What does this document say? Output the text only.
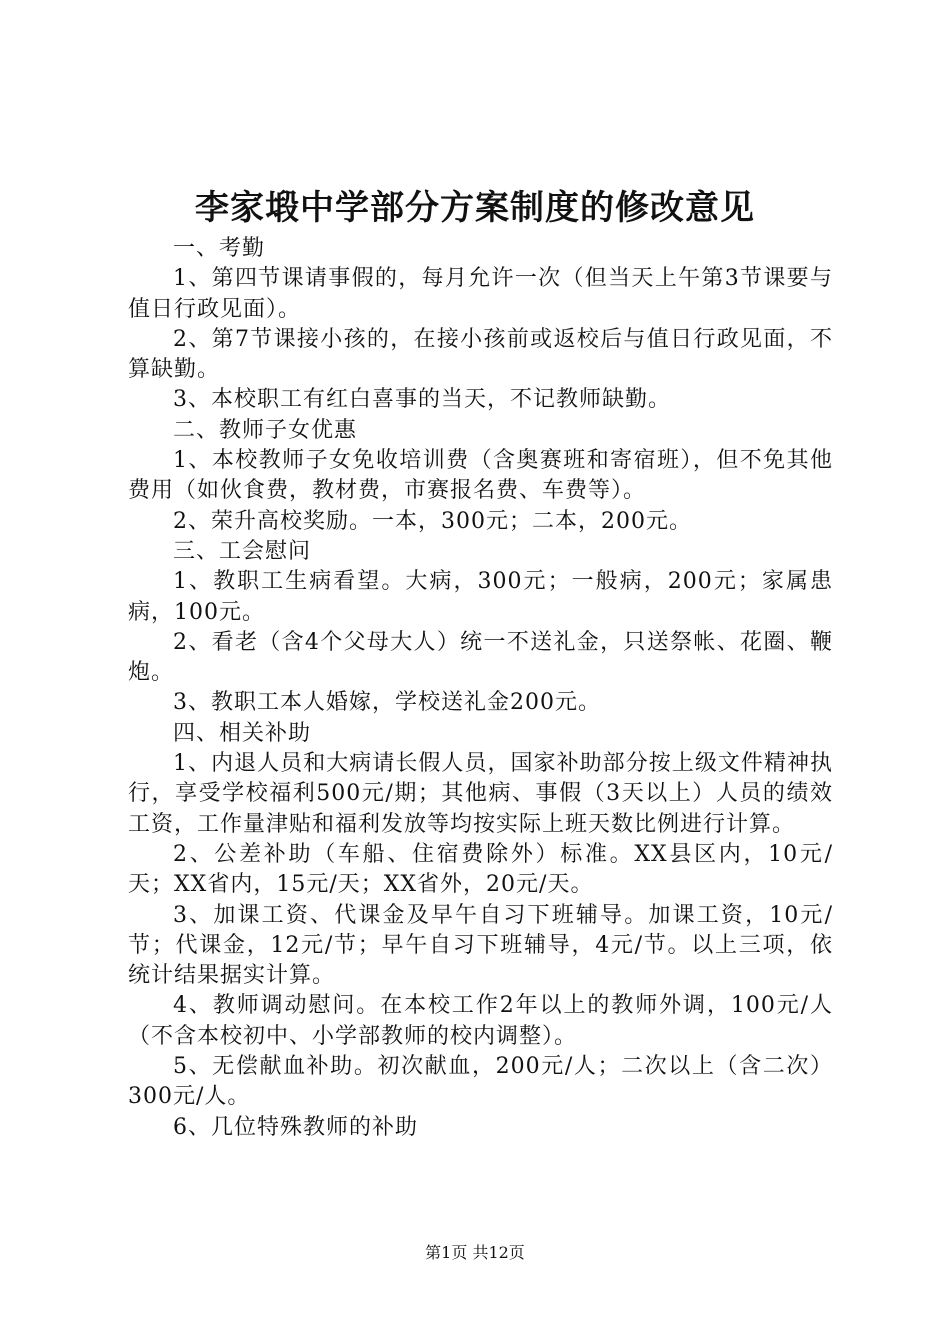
李家塅中学部分方案制度的修改意见

一、考勤

1、第四节课请事假的，每月允许一次（但当天上午第3节课要与值日行政见面）。

2、第7节课接小孩的，在接小孩前或返校后与值日行政见面，不算缺勤。

3、本校职工有红白喜事的当天，不记教师缺勤。

二、教师子女优惠

1、本校教师子女免收培训费（含奥赛班和寄宿班），但不免其他费用（如伙食费，教材费，市赛报名费、车费等）。

2、荣升高校奖励。一本，300元；二本，200元。

三、工会慰问

1、教职工生病看望。大病，300元；一般病，200元；家属患病，100元。

2、看老（含4个父母大人）统一不送礼金，只送祭帐、花圈、鞭炮。

3、教职工本人婚嫁，学校送礼金200元。

四、相关补助

1、内退人员和大病请长假人员，国家补助部分按上级文件精神执行，享受学校福利500元/期；其他病、事假（3天以上）人员的绩效工资，工作量津贴和福利发放等均按实际上班天数比例进行计算。

2、公差补助（车船、住宿费除外）标准。XX县区内，10元/天；XX省内，15元/天；XX省外，20元/天。

3、加课工资、代课金及早午自习下班辅导。加课工资，10元/节；代课金，12元/节；早午自习下班辅导，4元/节。以上三项，依统计结果据实计算。

4、教师调动慰问。在本校工作2年以上的教师外调，100元/人（不含本校初中、小学部教师的校内调整）。

5、无偿献血补助。初次献血，200元/人；二次以上（含二次）300元/人。

6、几位特殊教师的补助

第1页 共12页
